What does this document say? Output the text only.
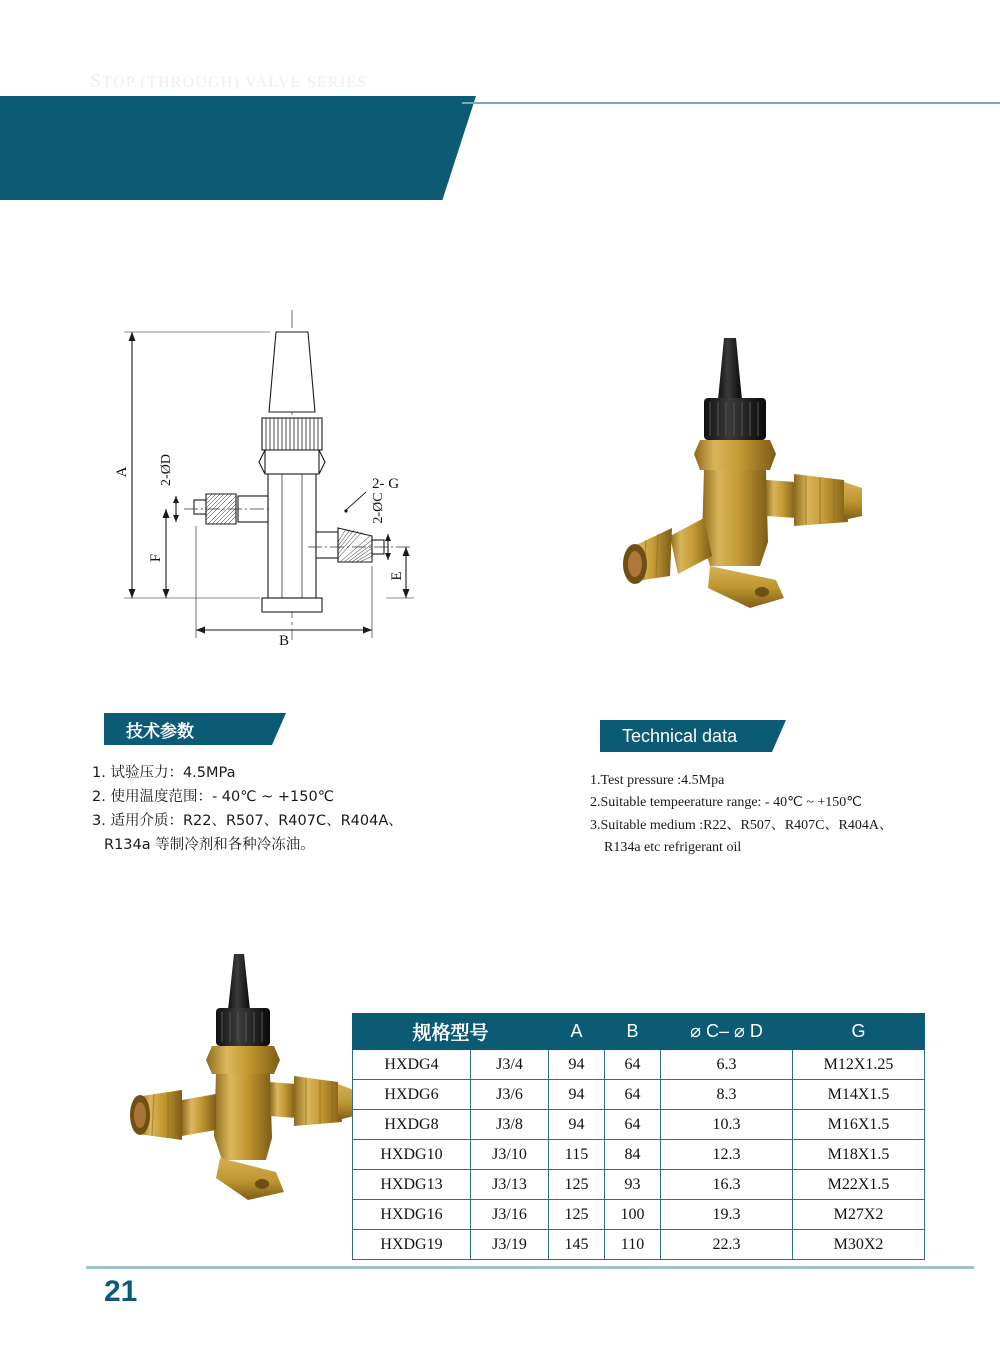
中止（直通）阀系列
STOP (THROUGH) VALVE SERIES
A
F
B
E
2-ØD
2-ØC
2- G
技术参数	Technical data
1. 试验压力：4.5MPa
2. 使用温度范围：- 40℃ ~ +150℃
3. 适用介质：R22、R507、R407C、R404A、
R134a 等制冷剂和各种冷冻油。
1.Test pressure :4.5Mpa
2.Suitable tempeerature range: - 40℃ ~ +150℃
3.Suitable medium :R22、R507、R407C、R404A、
R134a etc refrigerant oil
规格型号		A	B	⌀ C– ⌀ D	G
HXDG4	J3/4	94	64	6.3	M12X1.25
HXDG6	J3/6	94	64	8.3	M14X1.5
HXDG8	J3/8	94	64	10.3	M16X1.5
HXDG10	J3/10	115	84	12.3	M18X1.5
HXDG13	J3/13	125	93	16.3	M22X1.5
HXDG16	J3/16	125	100	19.3	M27X2
HXDG19	J3/19	145	110	22.3	M30X2
21
